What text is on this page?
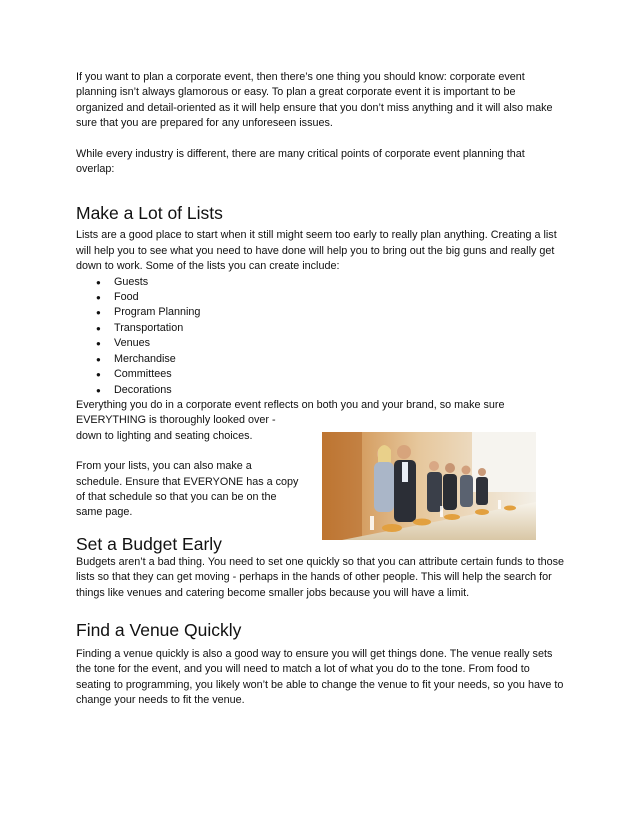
If you want to plan a corporate event, then there’s one thing you should know: corporate event planning isn’t always glamorous or easy. To plan a great corporate event it is important to be organized and detail-oriented as it will help ensure that you don’t miss anything and it will also make sure that you are prepared for any unforeseen issues.

While every industry is different, there are many critical points of corporate event planning that overlap:

Make a Lot of Lists

Lists are a good place to start when it still might seem too early to really plan anything. Creating a list will help you to see what you need to have done will help you to bring out the big guns and really get down to work. Some of the lists you can create include:

● Guests
● Food
● Program Planning
● Transportation
● Venues
● Merchandise
● Committees
● Decorations

Everything you do in a corporate event reflects on both you and your brand, so make sure
EVERYTHING is thoroughly looked over -
down to lighting and seating choices.

From your lists, you can also make a
schedule. Ensure that EVERYONE has a copy
of that schedule so that you can be on the
same page.

Set a Budget Early

Budgets aren’t a bad thing. You need to set one quickly so that you can attribute certain funds to those lists so that they can get moving - perhaps in the hands of other people. This will help the search for things like venues and catering become smaller jobs because you will have a limit.

Find a Venue Quickly

Finding a venue quickly is also a good way to ensure you will get things done. The venue really sets the tone for the event, and you will need to match a lot of what you do to the tone. From food to seating to programming, you likely won’t be able to change the venue to fit your needs, so you have to change your needs to fit the venue.
